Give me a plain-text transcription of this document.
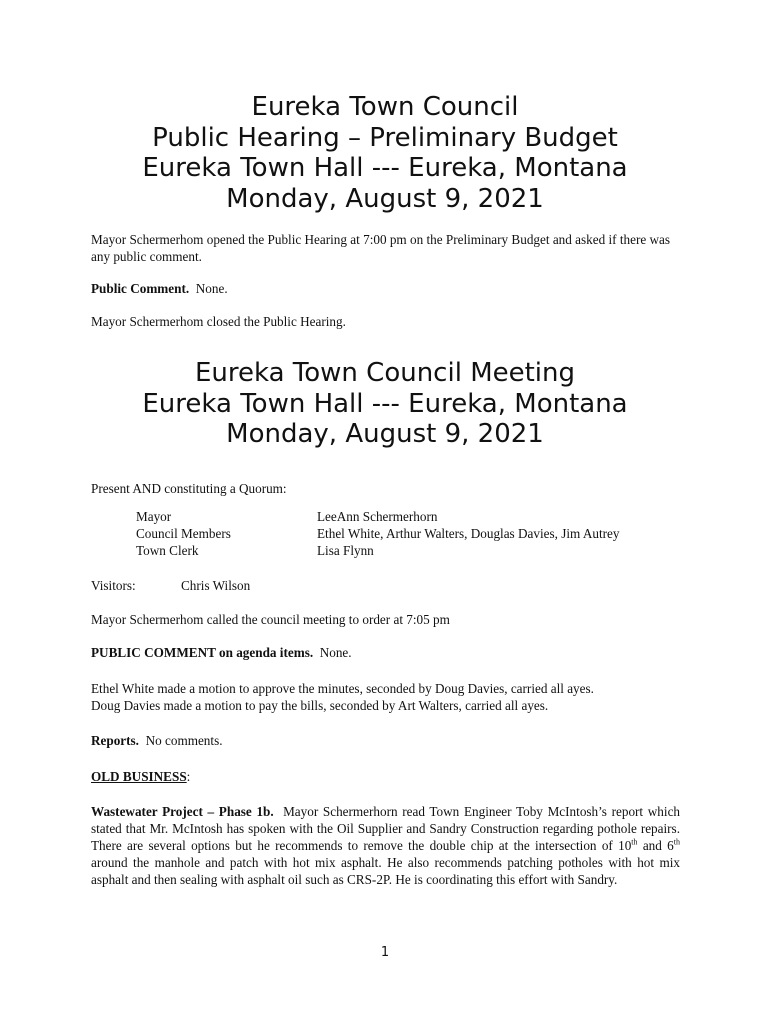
Eureka Town Council
Public Hearing – Preliminary Budget
Eureka Town Hall --- Eureka, Montana
Monday, August 9, 2021

Mayor Schermerhom opened the Public Hearing at 7:00 pm on the Preliminary Budget and asked if there was any public comment.

Public Comment. None.

Mayor Schermerhom closed the Public Hearing.

Eureka Town Council Meeting
Eureka Town Hall --- Eureka, Montana
Monday, August 9, 2021

Present AND constituting a Quorum:

Mayor	LeeAnn Schermerhorn
Council Members	Ethel White, Arthur Walters, Douglas Davies, Jim Autrey
Town Clerk	Lisa Flynn
Visitors:	Chris Wilson

Mayor Schermerhom called the council meeting to order at 7:05 pm

PUBLIC COMMENT on agenda items. None.

Ethel White made a motion to approve the minutes, seconded by Doug Davies, carried all ayes.

Doug Davies made a motion to pay the bills, seconded by Art Walters, carried all ayes.

Reports. No comments.

OLD BUSINESS:

Wastewater Project – Phase 1b. Mayor Schermerhorn read Town Engineer Toby McIntosh’s report which stated that Mr. McIntosh has spoken with the Oil Supplier and Sandry Construction regarding pothole repairs. There are several options but he recommends to remove the double chip at the intersection of 10th and 6th around the manhole and patch with hot mix asphalt. He also recommends patching potholes with hot mix asphalt and then sealing with asphalt oil such as CRS-2P. He is coordinating this effort with Sandry.

1
